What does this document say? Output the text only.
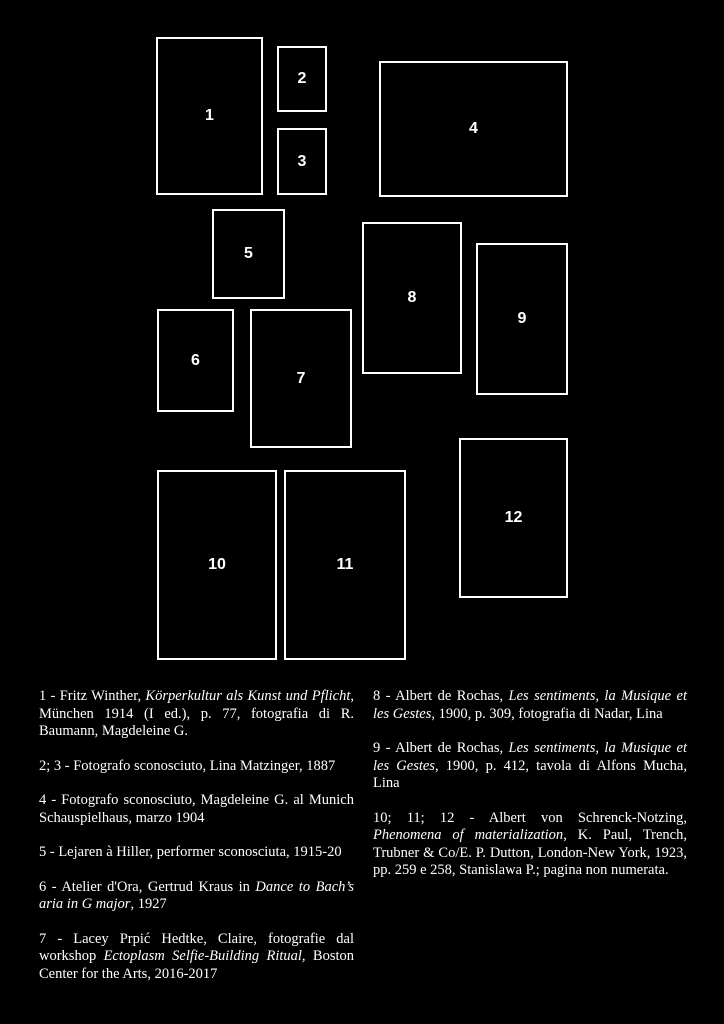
1
2
3
4
5
6
7
8
9
10	11
12

1 - Fritz Winther, Körperkultur als Kunst und Pflicht, München 1914 (I ed.), p. 77, fotografia di R. Baumann, Magdeleine G.

2; 3 - Fotografo sconosciuto, Lina Matzinger, 1887

4 - Fotografo sconosciuto, Magdeleine G. al Munich Schauspielhaus, marzo 1904

5 - Lejaren à Hiller, performer sconosciuta, 1915-20

6 - Atelier d'Ora, Gertrud Kraus in Dance to Bach’s aria in G major, 1927

7 - Lacey Prpić Hedtke, Claire, fotografie dal workshop Ectoplasm Selfie-Building Ritual, Boston Center for the Arts, 2016-2017

8 - Albert de Rochas, Les sentiments, la Musique et les Gestes, 1900, p. 309, fotografia di Nadar, Lina

9 - Albert de Rochas, Les sentiments, la Musique et les Gestes, 1900, p. 412, tavola di Alfons Mucha, Lina

10; 11; 12 - Albert von Schrenck-Notzing, Phenomena of materialization, K. Paul, Trench, Trubner & Co/E. P. Dutton, London-New York, 1923, pp. 259 e 258, Stanislawa P.; pagina non numerata.
